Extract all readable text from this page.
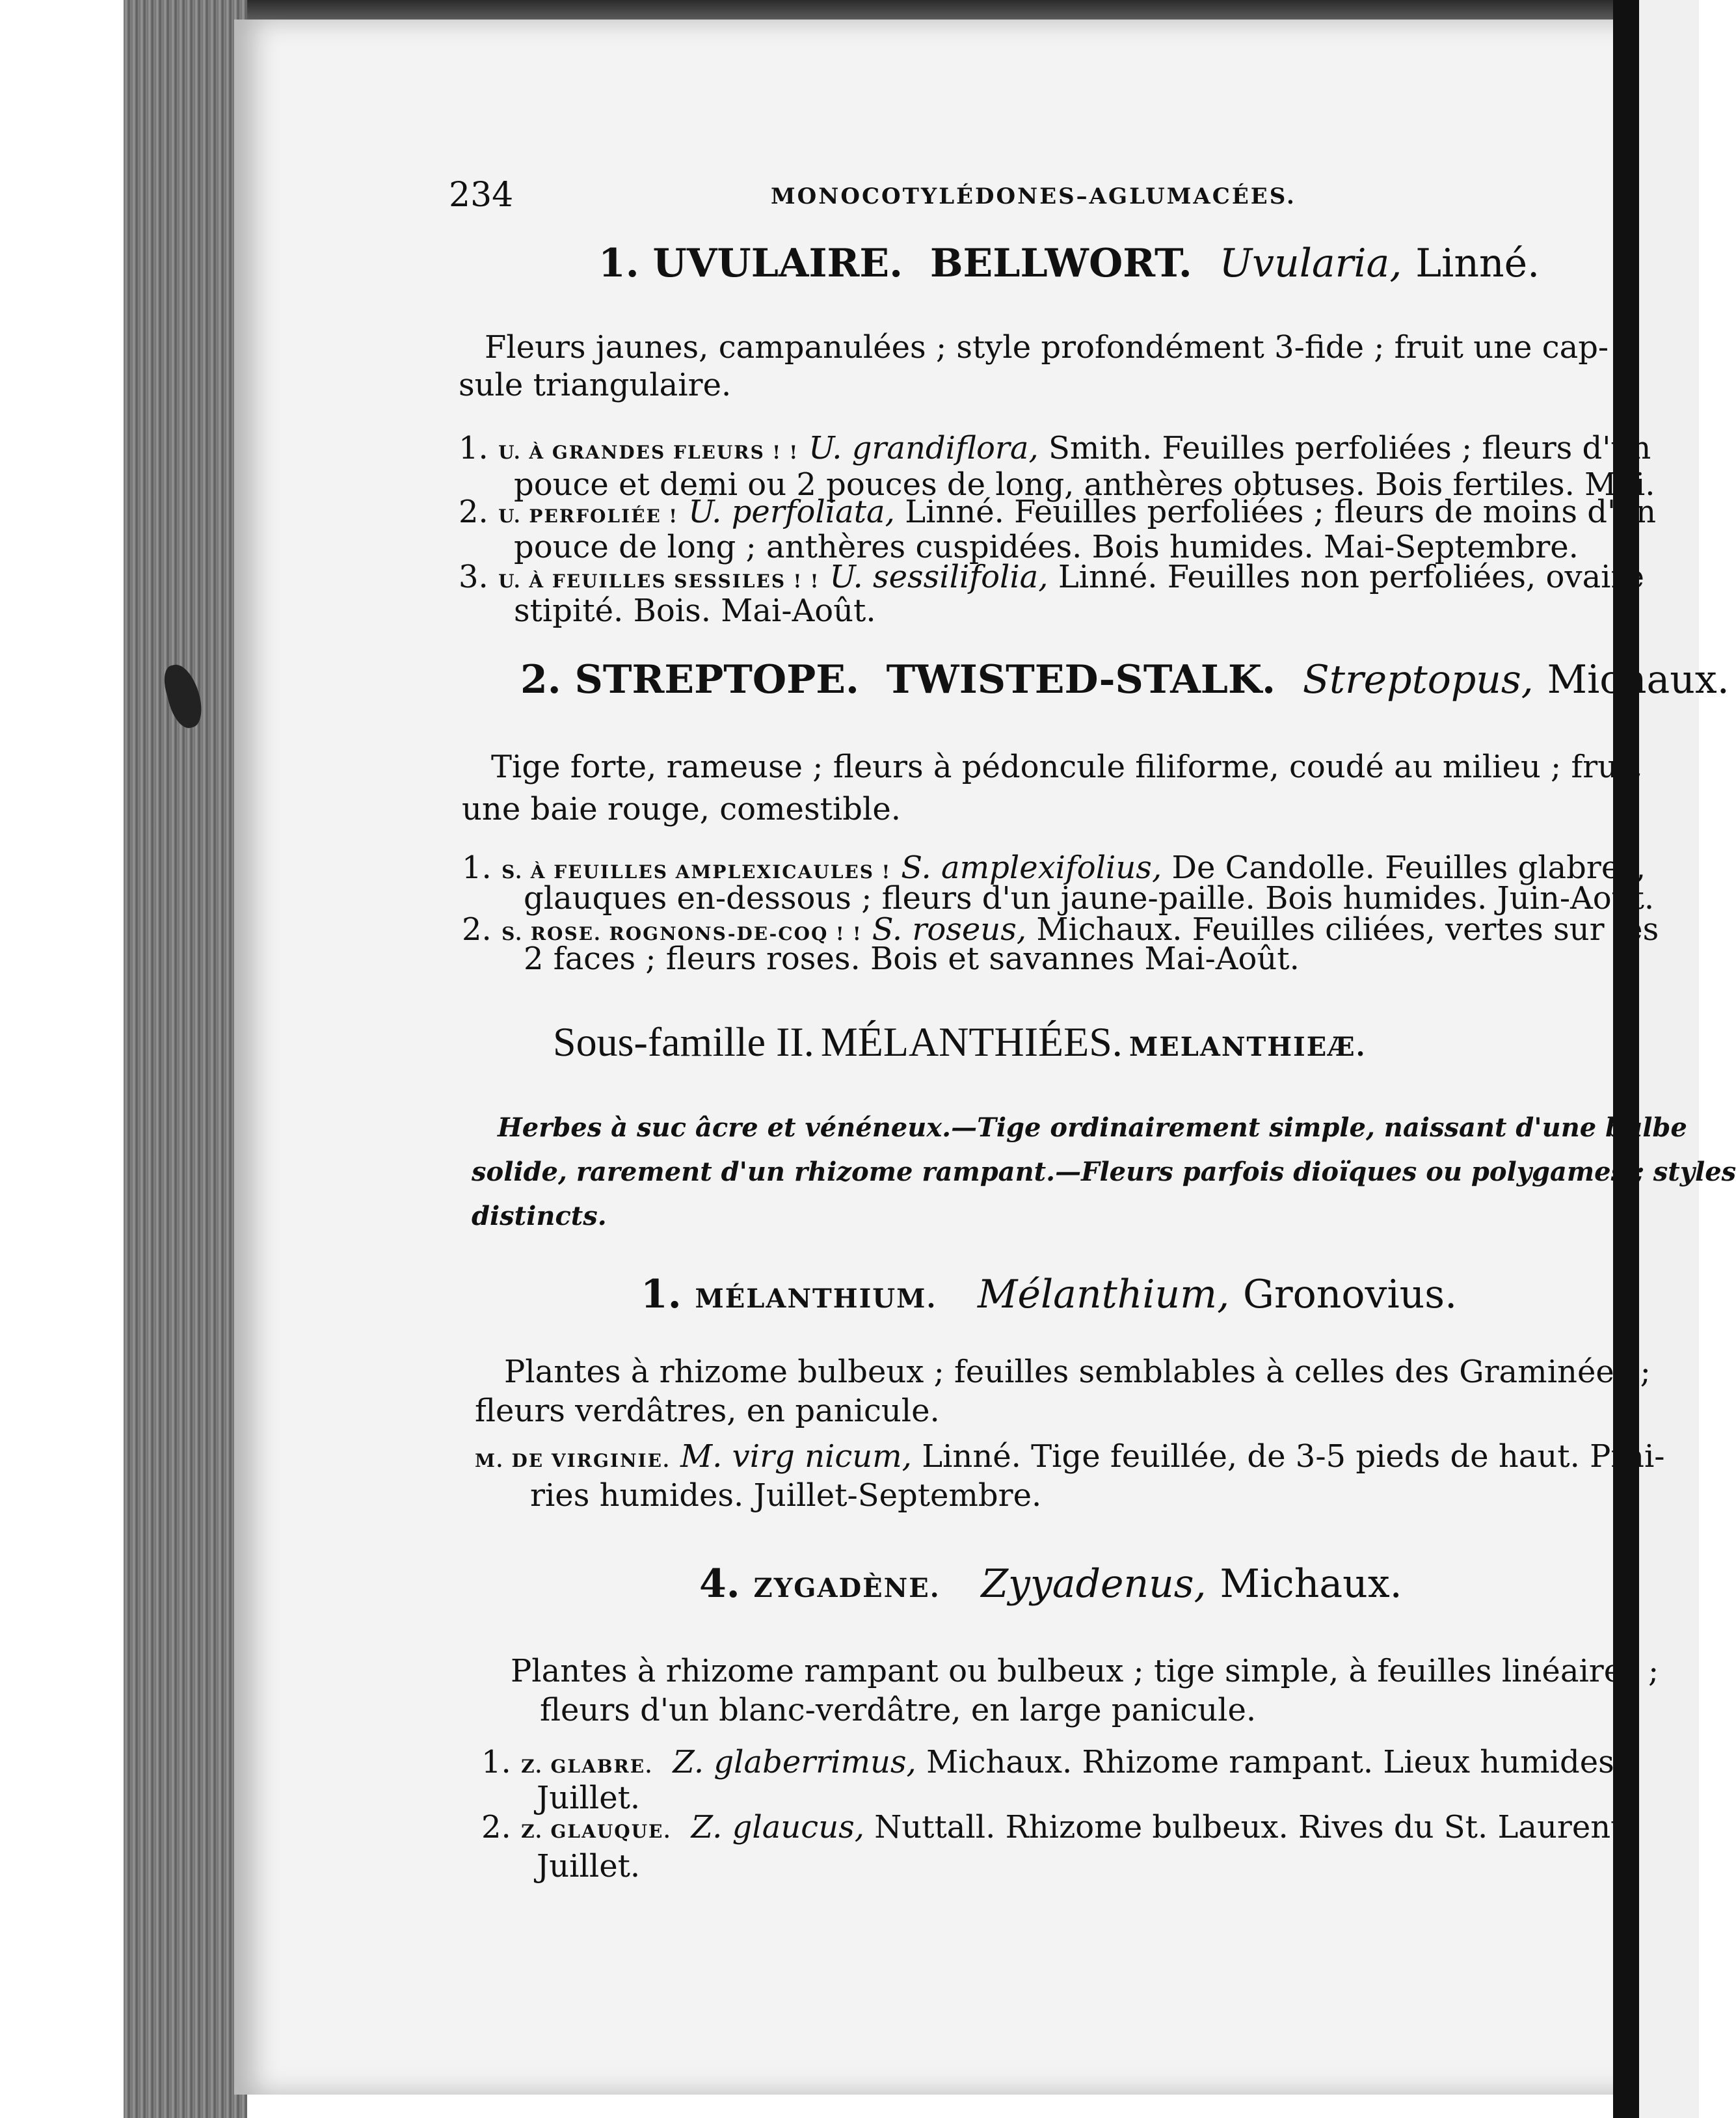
234	MONOCOTYLÉDONES–AGLUMACÉES.
1. UVULAIRE. BELLWORT. Uvularia, Linné.
Fleurs jaunes, campanulées ; style profondément 3-fide ; fruit une cap-
sule triangulaire.
1. U. À GRANDES FLEURS ! ! U. grandiflora, Smith. Feuilles perfoliées ; fleurs d'un
pouce et demi ou 2 pouces de long, anthères obtuses. Bois fertiles. Mai.
2. U. PERFOLIÉE ! U. perfoliata, Linné. Feuilles perfoliées ; fleurs de moins d'un
pouce de long ; anthères cuspidées. Bois humides. Mai-Septembre.
3. U. À FEUILLES SESSILES ! ! U. sessilifolia, Linné. Feuilles non perfoliées, ovaire
stipité. Bois. Mai-Août.
2. STREPTOPE. TWISTED-STALK. Streptopus, Michaux.
Tige forte, rameuse ; fleurs à pédoncule filiforme, coudé au milieu ; fruit
une baie rouge, comestible.
1. S. À FEUILLES AMPLEXICAULES ! S. amplexifolius, De Candolle. Feuilles glabres,
glauques en-dessous ; fleurs d'un jaune-paille. Bois humides. Juin-Août.
2. S. ROSE. ROGNONS-DE-COQ ! ! S. roseus, Michaux. Feuilles ciliées, vertes sur les
2 faces ; fleurs roses. Bois et savannes Mai-Août.
Sous-famille II. MÉLANTHIÉES. MELANTHIEÆ.
Herbes à suc âcre et vénéneux.—Tige ordinairement simple, naissant d'une bulbe
solide, rarement d'un rhizome rampant.—Fleurs parfois dioïques ou polygames ; styles
distincts.
1. MÉLANTHIUM. Mélanthium, Gronovius.
Plantes à rhizome bulbeux ; feuilles semblables à celles des Graminées ;
fleurs verdâtres, en panicule.
M. DE VIRGINIE. M. virg nicum, Linné. Tige feuillée, de 3-5 pieds de haut. Prai-
ries humides. Juillet-Septembre.
4. ZYGADÈNE. Zyyadenus, Michaux.
Plantes à rhizome rampant ou bulbeux ; tige simple, à feuilles linéaires ;
fleurs d'un blanc-verdâtre, en large panicule.
1. Z. GLABRE. Z. glaberrimus, Michaux. Rhizome rampant. Lieux humides.
Juillet.
2. Z. GLAUQUE. Z. glaucus, Nuttall. Rhizome bulbeux. Rives du St. Laurent.
Juillet.
